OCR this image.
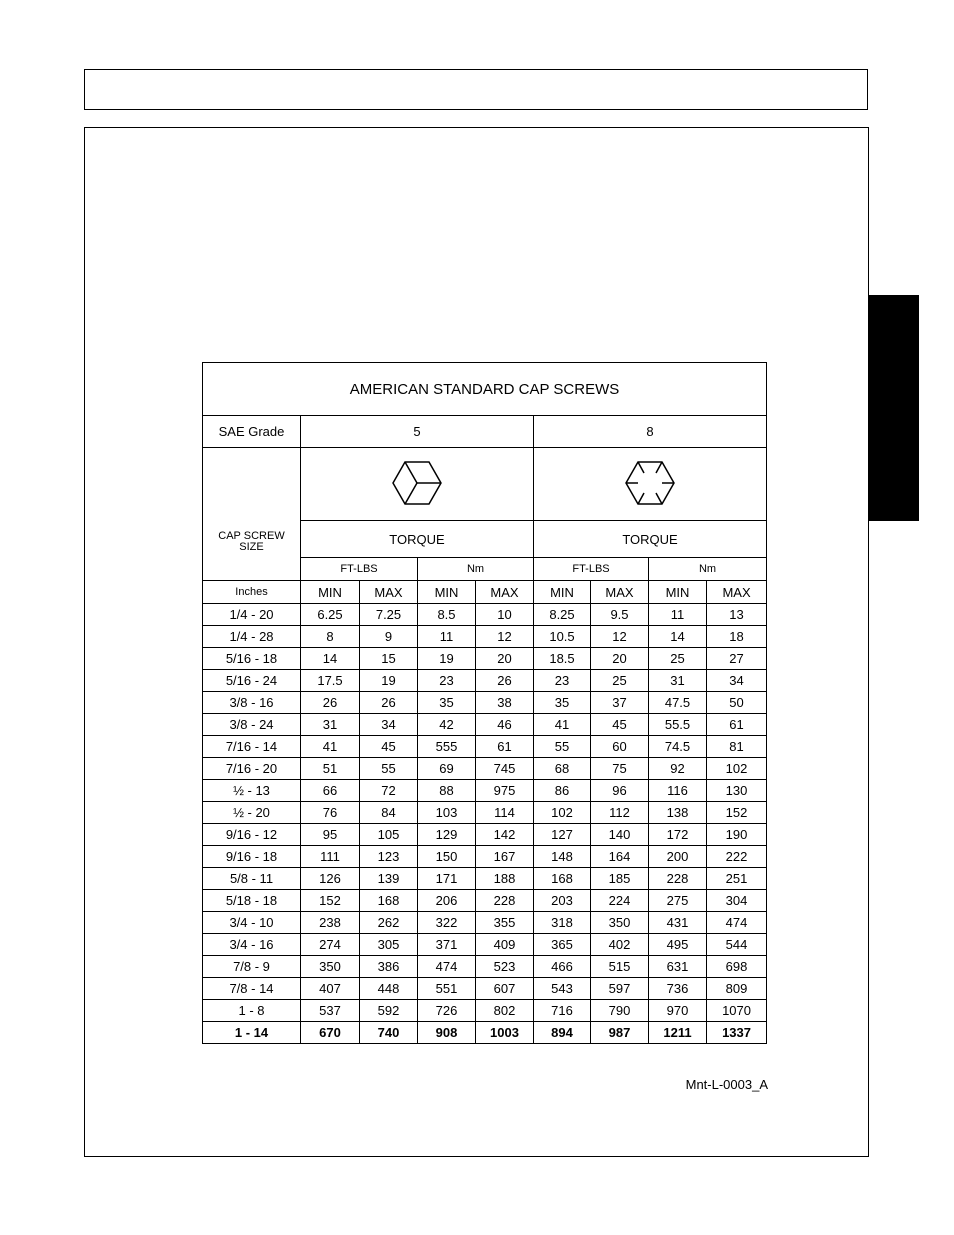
AMERICAN STANDARD CAP SCREWS								
SAE Grade	5				8			

CAP SCREW
SIZE

	TORQUE				TORQUE			
	FT-LBS		Nm		FT-LBS		Nm	
Inches	MIN	MAX	MIN	MAX	MIN	MAX	MIN	MAX
1/4 - 20	6.25	7.25	8.5	10	8.25	9.5	11	13
1/4 - 28	8	9	11	12	10.5	12	14	18
5/16 - 18	14	15	19	20	18.5	20	25	27
5/16 - 24	17.5	19	23	26	23	25	31	34
3/8 - 16	26	26	35	38	35	37	47.5	50
3/8 - 24	31	34	42	46	41	45	55.5	61
7/16 - 14	41	45	555	61	55	60	74.5	81
7/16 - 20	51	55	69	745	68	75	92	102
½ - 13	66	72	88	975	86	96	116	130
½ - 20	76	84	103	114	102	112	138	152
9/16 - 12	95	105	129	142	127	140	172	190
9/16 - 18	111	123	150	167	148	164	200	222
5/8 - 11	126	139	171	188	168	185	228	251
5/18 - 18	152	168	206	228	203	224	275	304
3/4 - 10	238	262	322	355	318	350	431	474
3/4 - 16	274	305	371	409	365	402	495	544
7/8 - 9	350	386	474	523	466	515	631	698
7/8 - 14	407	448	551	607	543	597	736	809
1 - 8	537	592	726	802	716	790	970	1070
1 - 14	670	740	908	1003	894	987	1211	1337
Mnt-L-0003_A
